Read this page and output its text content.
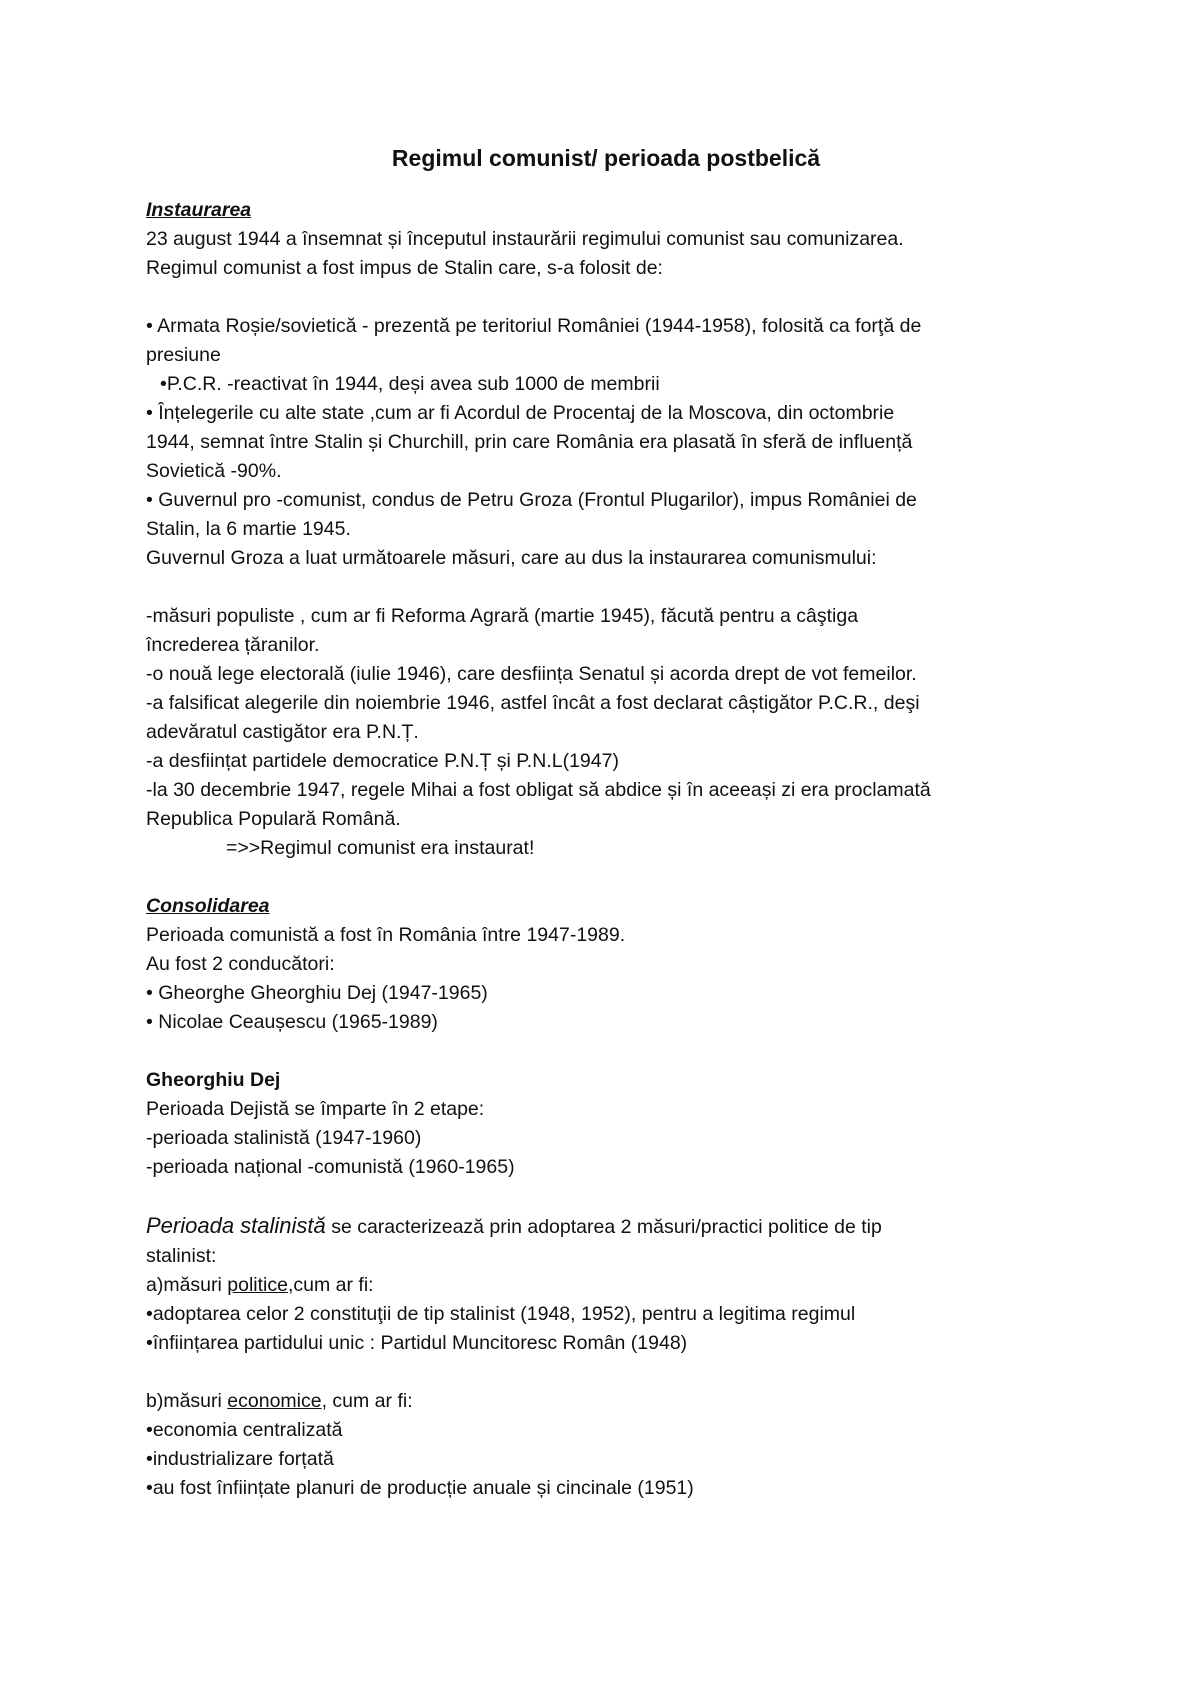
Regimul comunist/ perioada postbelică
Instaurarea
23 august 1944 a însemnat și începutul instaurării regimului comunist sau comunizarea.
Regimul comunist a fost impus de Stalin care, s-a folosit de:
• Armata Roșie/sovietică - prezentă pe teritoriul României (1944-1958), folosită ca forţă de
presiune
•P.C.R. -reactivat în 1944, deși avea sub 1000 de membrii
• Înțelegerile cu alte state ,cum ar fi Acordul de Procentaj de la Moscova, din octombrie
1944, semnat între Stalin și Churchill, prin care România era plasată în sferă de influență
Sovietică -90%.
• Guvernul pro -comunist, condus de Petru Groza (Frontul Plugarilor), impus României de
Stalin, la 6 martie 1945.
Guvernul Groza a luat următoarele măsuri, care au dus la instaurarea comunismului:
-măsuri populiste , cum ar fi Reforma Agrară (martie 1945), făcută pentru a câştiga
încrederea țăranilor.
-o nouă lege electorală (iulie 1946), care desființa Senatul și acorda drept de vot femeilor.
-a falsificat alegerile din noiembrie 1946, astfel încât a fost declarat câștigător P.C.R., deşi
adevăratul castigător era P.N.Ț.
-a desființat partidele democratice P.N.Ț și P.N.L(1947)
-la 30 decembrie 1947, regele Mihai a fost obligat să abdice și în aceeași zi era proclamată
Republica Populară Română.
=>>Regimul comunist era instaurat!
Consolidarea
Perioada comunistă a fost în România între 1947-1989.
Au fost 2 conducători:
• Gheorghe Gheorghiu Dej (1947-1965)
• Nicolae Ceaușescu (1965-1989)
Gheorghiu Dej
Perioada Dejistă se împarte în 2 etape:
-perioada stalinistă (1947-1960)
-perioada național -comunistă (1960-1965)
Perioada stalinistă se caracterizează prin adoptarea 2 măsuri/practici politice de tip
stalinist:
a)măsuri politice,cum ar fi:
•adoptarea celor 2 constituţii de tip stalinist (1948, 1952), pentru a legitima regimul
•înființarea partidului unic : Partidul Muncitoresc Român (1948)
b)măsuri economice, cum ar fi:
•economia centralizată
•industrializare forțată
•au fost înființate planuri de producție anuale și cincinale (1951)
